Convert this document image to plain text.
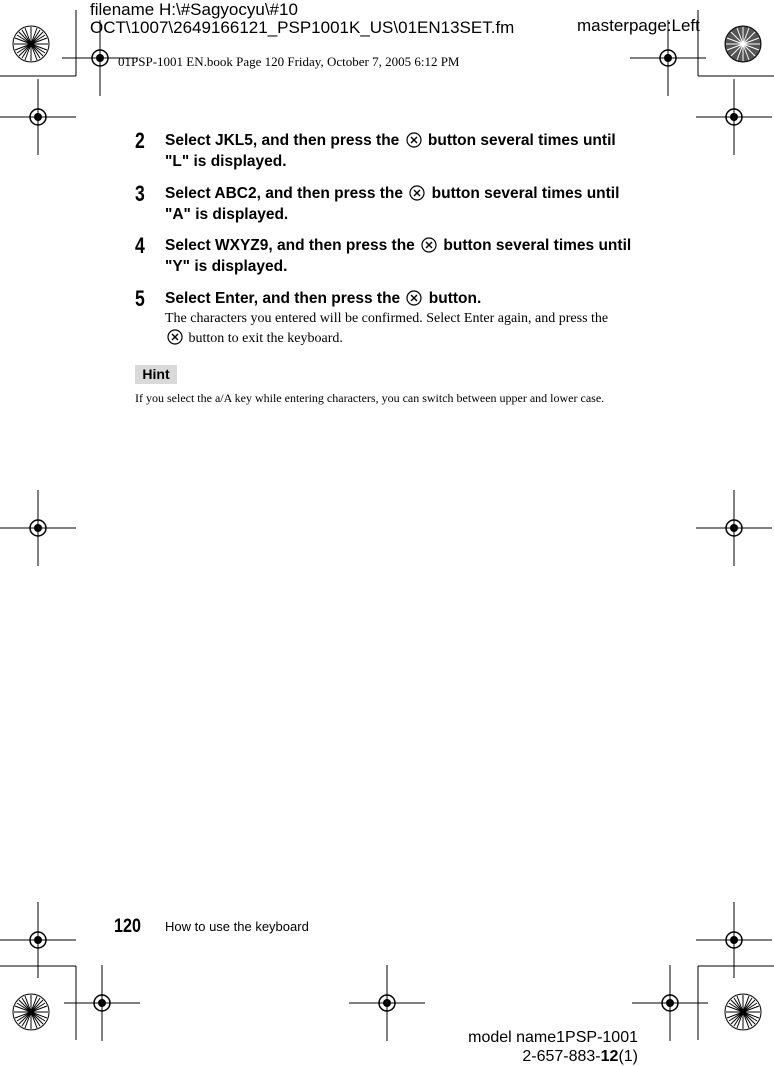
filename H:\#Sagyocyu\#10
OCT\1007\2649166121_PSP1001K_US\01EN13SET.fm	masterpage:Left
01PSP-1001 EN.book Page 120 Friday, October 7, 2005 6:12 PM
2 Select JKL5, and then press the button several times until "L" is displayed.
3 Select ABC2, and then press the button several times until "A" is displayed.
4 Select WXYZ9, and then press the button several times until "Y" is displayed.
5 Select Enter, and then press the button.
The characters you entered will be confirmed. Select Enter again, and press the  button to exit the keyboard.
Hint
If you select the a/A key while entering characters, you can switch between upper and lower case.
120 How to use the keyboard
model name1PSP-1001
2-657-883-12(1)
